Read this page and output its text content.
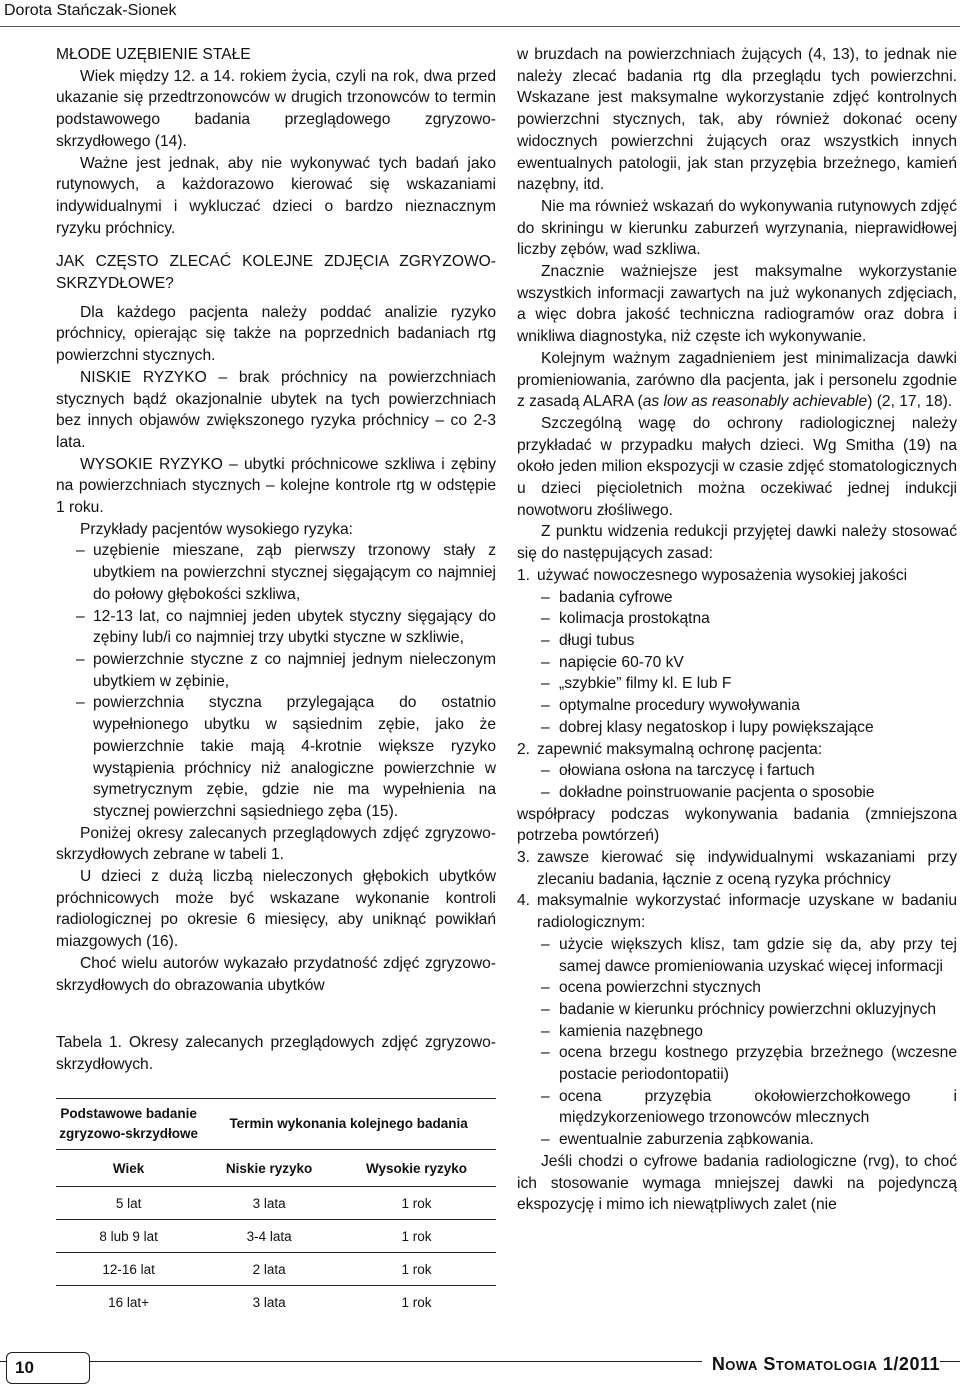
Dorota Stańczak-Sionek

MŁODE UZĘBIENIE STAŁE

Wiek między 12. a 14. rokiem życia, czyli na rok, dwa przed ukazanie się przedtrzonowców w drugich trzonowców to termin podstawowego badania przeglądowego zgryzowo-skrzydłowego (14).

Ważne jest jednak, aby nie wykonywać tych badań jako rutynowych, a każdorazowo kierować się wskazaniami indywidualnymi i wykluczać dzieci o bardzo nieznacznym ryzyku próchnicy.

JAK CZĘSTO ZLECAĆ KOLEJNE ZDJĘCIA ZGRYZOWO-SKRZYDŁOWE?

Dla każdego pacjenta należy poddać analizie ryzyko próchnicy, opierając się także na poprzednich badaniach rtg powierzchni stycznych.

NISKIE RYZYKO – brak próchnicy na powierzchniach stycznych bądź okazjonalnie ubytek na tych powierzchniach bez innych objawów zwiększonego ryzyka próchnicy – co 2-3 lata.

WYSOKIE RYZYKO – ubytki próchnicowe szkliwa i zębiny na powierzchniach stycznych – kolejne kontrole rtg w odstępie 1 roku.

Przykłady pacjentów wysokiego ryzyka:

– uzębienie mieszane, ząb pierwszy trzonowy stały z ubytkiem na powierzchni stycznej sięgającym co najmniej do połowy głębokości szkliwa,
– 12-13 lat, co najmniej jeden ubytek styczny sięgający do zębiny lub/i co najmniej trzy ubytki styczne w szkliwie,
– powierzchnie styczne z co najmniej jednym nieleczonym ubytkiem w zębinie,
– powierzchnia styczna przylegająca do ostatnio wypełnionego ubytku w sąsiednim zębie, jako że powierzchnie takie mają 4-krotnie większe ryzyko wystąpienia próchnicy niż analogiczne powierzchnie w symetrycznym zębie, gdzie nie ma wypełnienia na stycznej powierzchni sąsiedniego zęba (15).

Poniżej okresy zalecanych przeglądowych zdjęć zgryzowo-skrzydłowych zebrane w tabeli 1.

U dzieci z dużą liczbą nieleczonych głębokich ubytków próchnicowych może być wskazane wykonanie kontroli radiologicznej po okresie 6 miesięcy, aby uniknąć powikłań miazgowych (16).

Choć wielu autorów wykazało przydatność zdjęć zgryzowo-skrzydłowych do obrazowania ubytków

Tabela 1. Okresy zalecanych przeglądowych zdjęć zgryzowo-skrzydłowych.

Podstawowe badanie zgryzowo-skrzydłowe	Termin wykonania kolejnego badania	
Wiek	Niskie ryzyko	Wysokie ryzyko
5 lat	3 lata	1 rok
8 lub 9 lat	3-4 lata	1 rok
12-16 lat	2 lata	1 rok
16 lat+	3 lata	1 rok

w bruzdach na powierzchniach żujących (4, 13), to jednak nie należy zlecać badania rtg dla przeglądu tych powierzchni. Wskazane jest maksymalne wykorzystanie zdjęć kontrolnych powierzchni stycznych, tak, aby również dokonać oceny widocznych powierzchni żujących oraz wszystkich innych ewentualnych patologii, jak stan przyzębia brzeżnego, kamień nazębny, itd.

Nie ma również wskazań do wykonywania rutynowych zdjęć do skriningu w kierunku zaburzeń wyrzynania, nieprawidłowej liczby zębów, wad szkliwa.

Znacznie ważniejsze jest maksymalne wykorzystanie wszystkich informacji zawartych na już wykonanych zdjęciach, a więc dobra jakość techniczna radiogramów oraz dobra i wnikliwa diagnostyka, niż częste ich wykonywanie.

Kolejnym ważnym zagadnieniem jest minimalizacja dawki promieniowania, zarówno dla pacjenta, jak i personelu zgodnie z zasadą ALARA (as low as reasonably achievable) (2, 17, 18).

Szczególną wagę do ochrony radiologicznej należy przykładać w przypadku małych dzieci. Wg Smitha (19) na około jeden milion ekspozycji w czasie zdjęć stomatologicznych u dzieci pięcioletnich można oczekiwać jednej indukcji nowotworu złośliwego.

Z punktu widzenia redukcji przyjętej dawki należy stosować się do następujących zasad:

1. używać nowoczesnego wyposażenia wysokiej jakości
– badania cyfrowe
– kolimacja prostokątna
– długi tubus
– napięcie 60-70 kV
– „szybkie” filmy kl. E lub F
– optymalne procedury wywoływania
– dobrej klasy negatoskop i lupy powiększające
2. zapewnić maksymalną ochronę pacjenta:
– ołowiana osłona na tarczycę i fartuch
– dokładne poinstruowanie pacjenta o sposobie

współpracy podczas wykonywania badania (zmniejszona potrzeba powtórzeń)

3. zawsze kierować się indywidualnymi wskazaniami przy zlecaniu badania, łącznie z oceną ryzyka próchnicy
4. maksymalnie wykorzystać informacje uzyskane w badaniu radiologicznym:
– użycie większych klisz, tam gdzie się da, aby przy tej samej dawce promieniowania uzyskać więcej informacji
– ocena powierzchni stycznych
– badanie w kierunku próchnicy powierzchni okluzyjnych
– kamienia nazębnego
– ocena brzegu kostnego przyzębia brzeżnego (wczesne postacie periodontopatii)
– ocena przyzębia okołowierzchołkowego i międzykorzeniowego trzonowców mlecznych
– ewentualnie zaburzenia ząbkowania.

Jeśli chodzi o cyfrowe badania radiologiczne (rvg), to choć ich stosowanie wymaga mniejszej dawki na pojedynczą ekspozycję i mimo ich niewątpliwych zalet (nie

10	Nowa Stomatologia 1/2011
